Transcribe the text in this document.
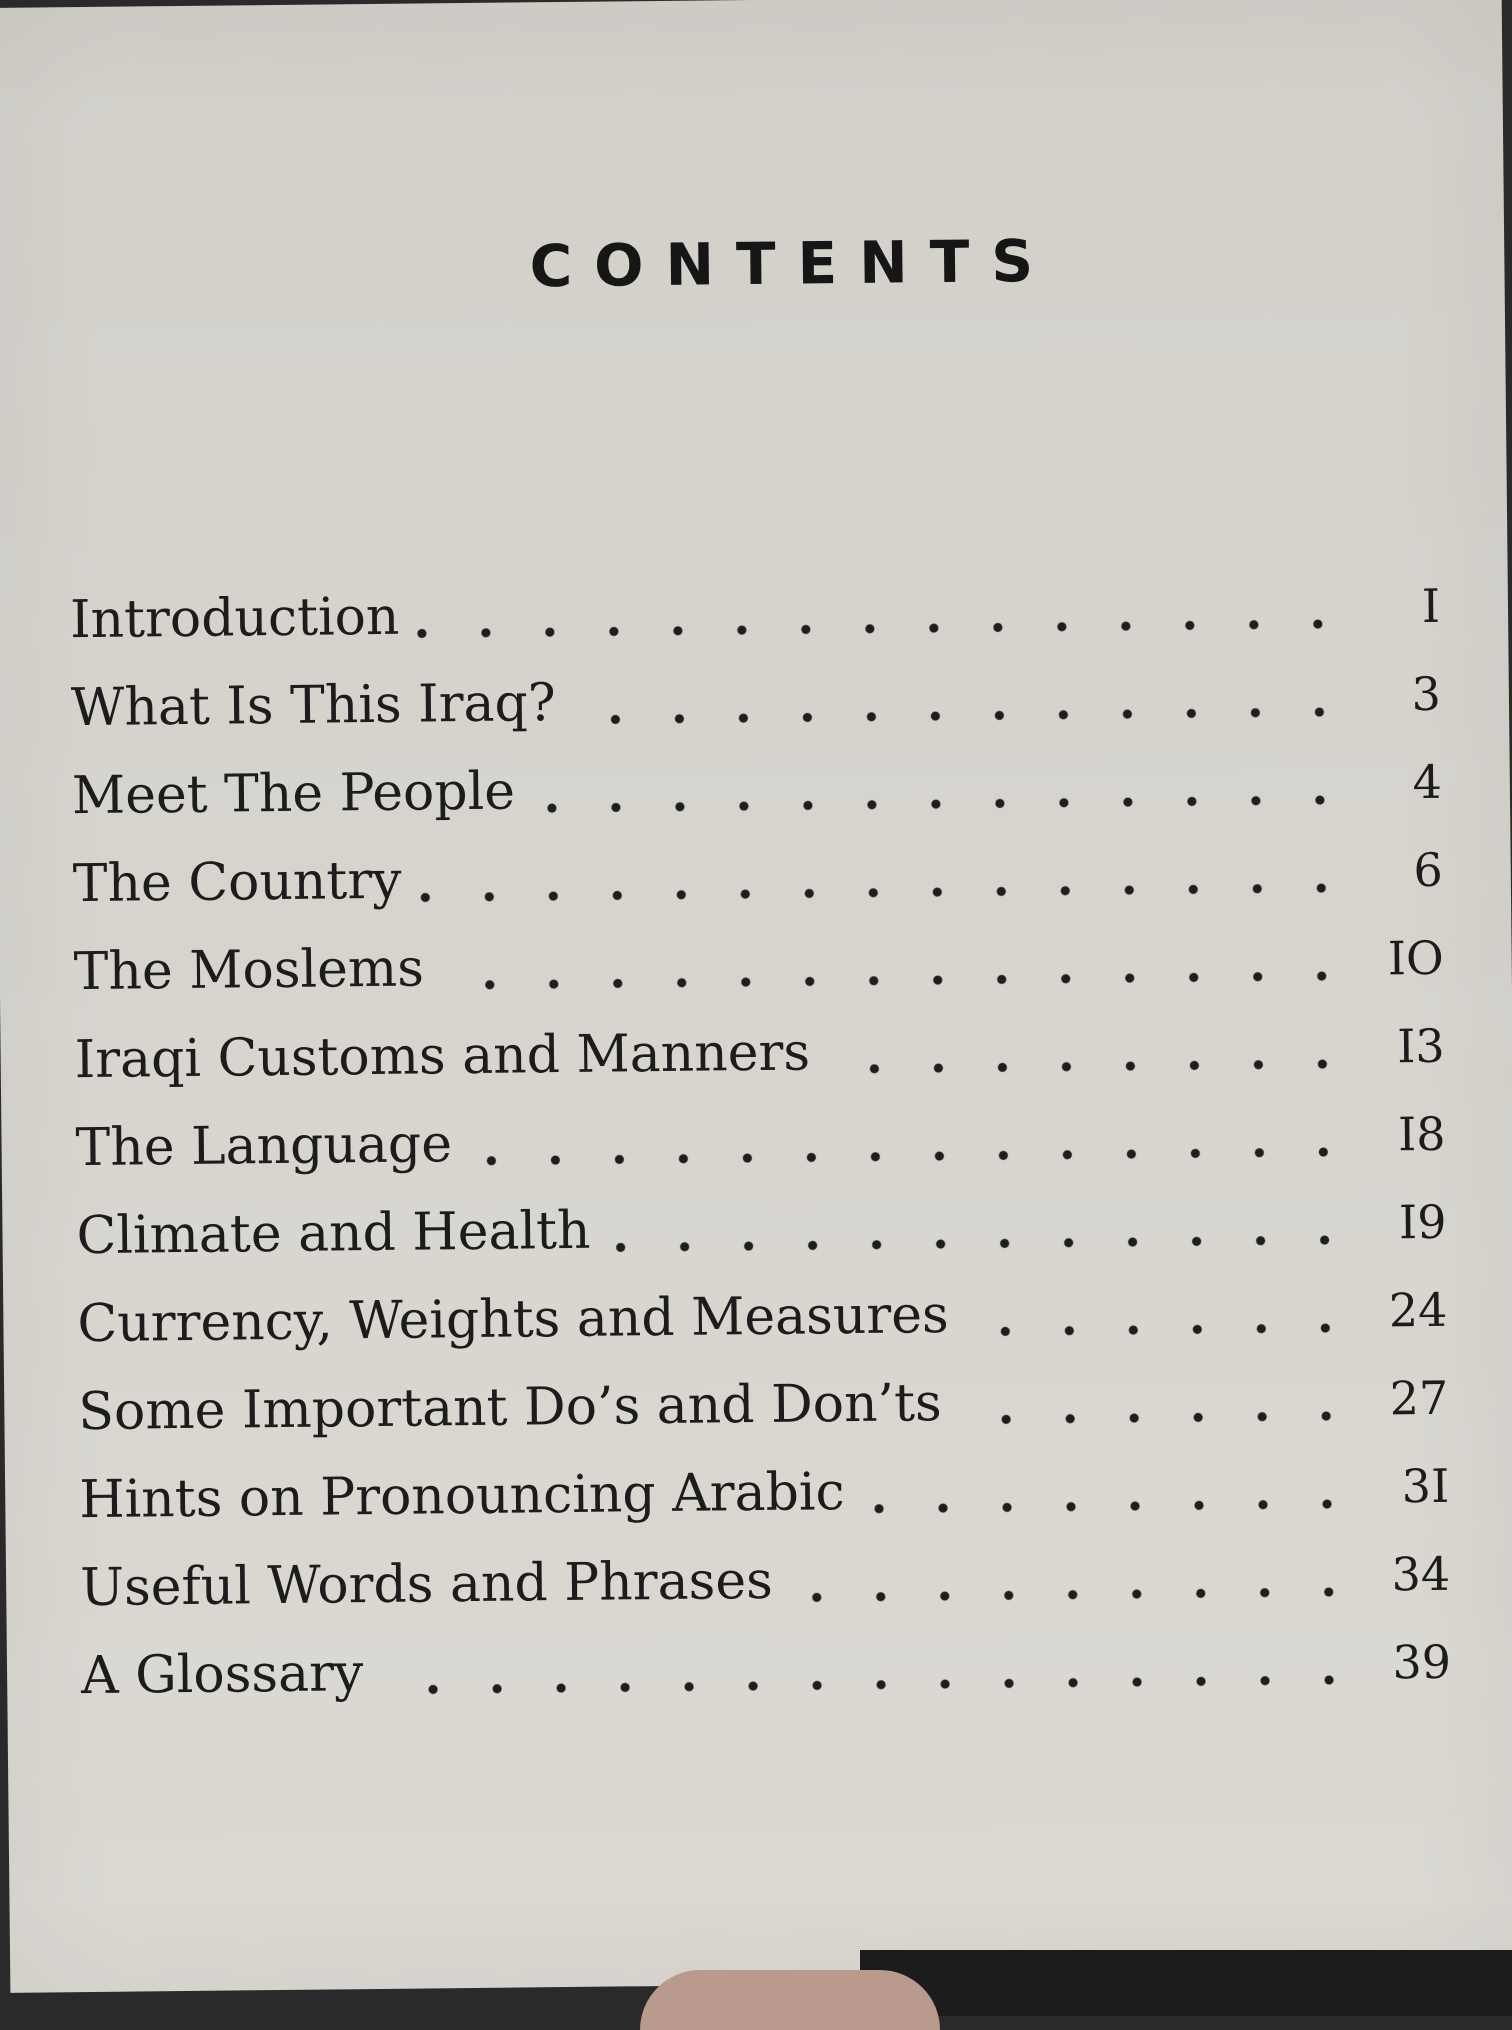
CONTENTS
Introduction	I
What Is This Iraq?	3
Meet The People	4
The Country	6
The Moslems	IO
Iraqi Customs and Manners	I3
The Language	I8
Climate and Health	I9
Currency, Weights and Measures	24
Some Important Do’s and Don’ts	27
Hints on Pronouncing Arabic	3I
Useful Words and Phrases	34
A Glossary	39
